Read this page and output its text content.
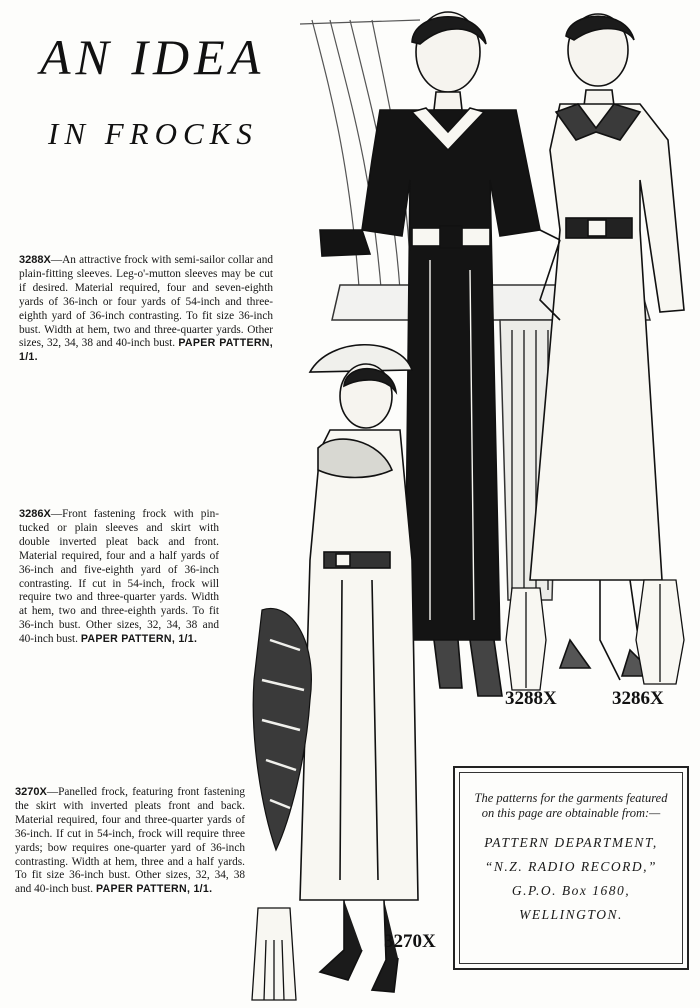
AN IDEA
IN FROCKS

3288X—An attractive frock with semi-sailor collar and plain-fitting sleeves. Leg-o'-mutton sleeves may be cut if desired. Material required, four and seven-eighth yards of 36-inch or four yards of 54-inch and three-eighth yard of 36-inch contrasting. To fit size 36-inch bust. Width at hem, two and three-quarter yards. Other sizes, 32, 34, 38 and 40-inch bust. PAPER PATTERN, 1/1.

3286X—Front fastening frock with pin-tucked or plain sleeves and skirt with double inverted pleat back and front. Material required, four and a half yards of 36-inch and five-eighth yard of 36-inch contrasting. If cut in 54-inch, frock will require two and three-quarter yards. Width at hem, two and three-eighth yards. To fit 36-inch bust. Other sizes, 32, 34, 38 and 40-inch bust. PAPER PATTERN, 1/1.

3270X—Panelled frock, featuring front fastening the skirt with inverted pleats front and back. Material required, four and three-quarter yards of 36-inch. If cut in 54-inch, frock will require three yards; bow requires one-quarter yard of 36-inch contrasting. Width at hem, three and a half yards. To fit size 36-inch bust. Other sizes, 32, 34, 38 and 40-inch bust. PAPER PATTERN, 1/1.

3288X	3286X

3270X

The patterns for the garments featured on this page are obtainable from:—

PATTERN DEPARTMENT,

“N.Z. RADIO RECORD,”

G.P.O. Box 1680,

WELLINGTON.
